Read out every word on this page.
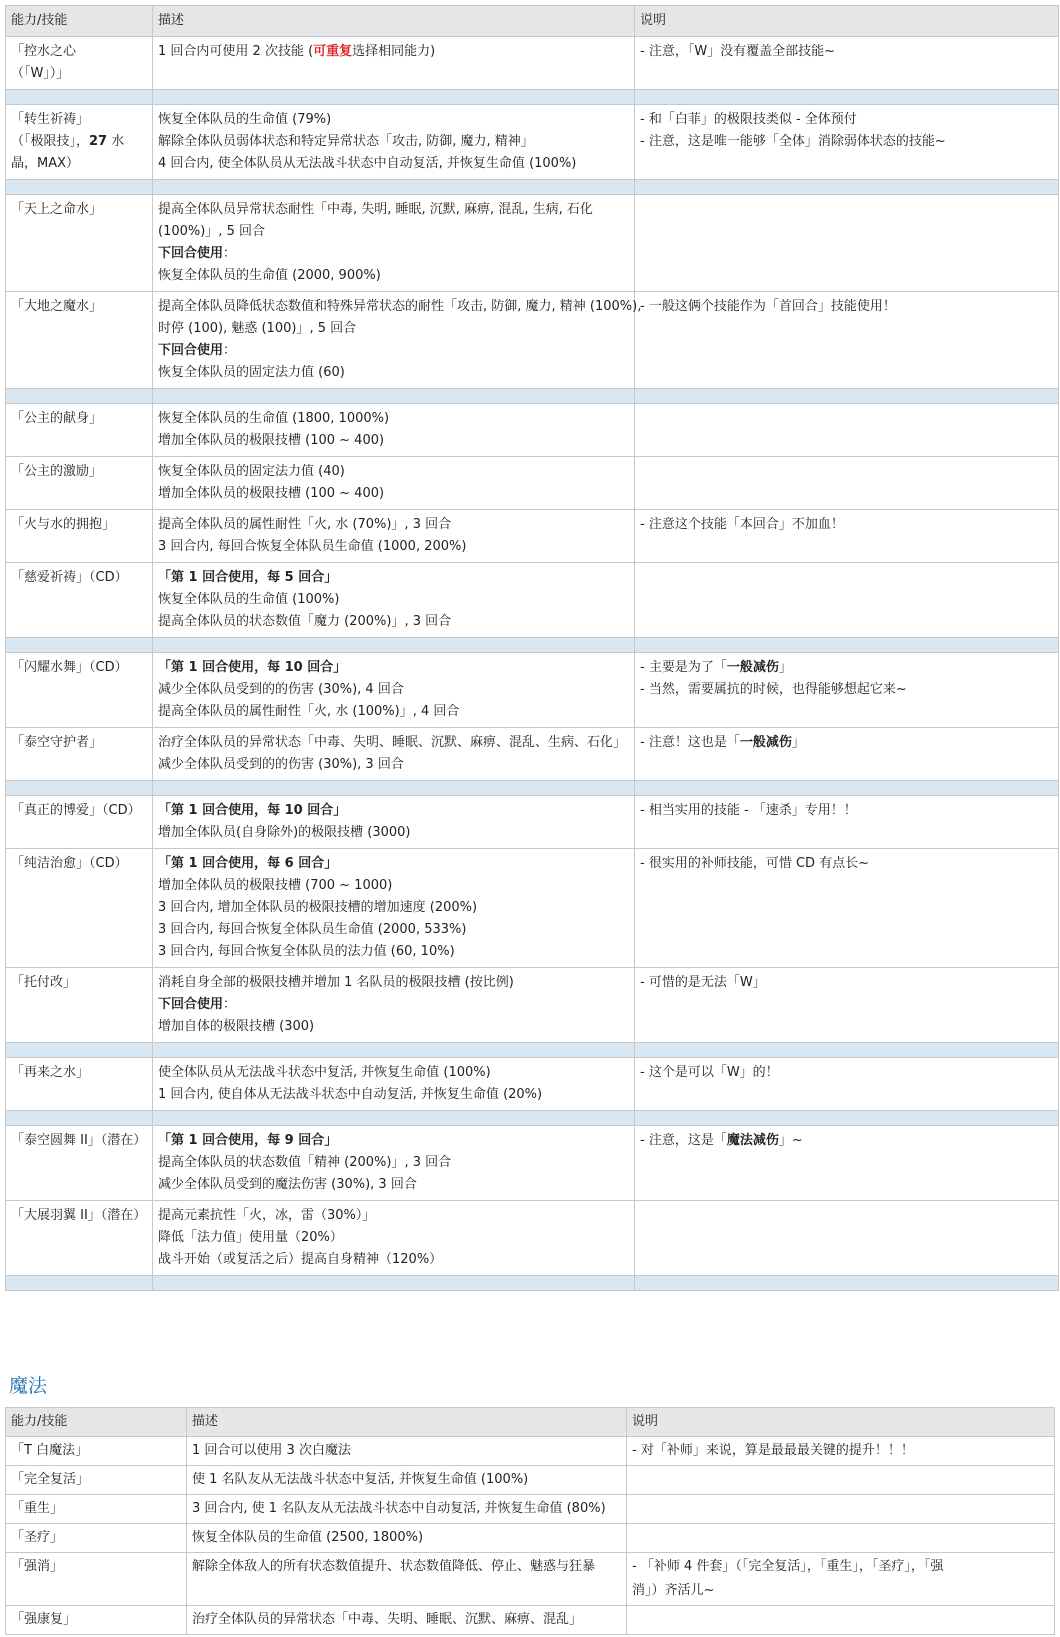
能力/技能	描述	说明

「控水之心
（「W」）」	1 回合内可使用 2 次技能 (可重复选择相同能力)	- 注意，「W」没有覆盖全部技能~

「转生祈祷」
（「极限技」，27 水
晶，MAX）	恢复全体队员的生命值 (79%)
解除全体队员弱体状态和特定异常状态「攻击, 防御, 魔力, 精神」
4 回合内, 使全体队员从无法战斗状态中自动复活, 并恢复生命值 (100%)	- 和「白菲」的极限技类似 - 全体预付
- 注意，这是唯一能够「全体」消除弱体状态的技能~

「天上之命水」	提高全体队员异常状态耐性「中毒, 失明, 睡眠, 沉默, 麻痹, 混乱, 生病, 石化
(100%)」, 5 回合
下回合使用：
恢复全体队员的生命值 (2000, 900%)	

「大地之魔水」	提高全体队员降低状态数值和特殊异常状态的耐性「攻击, 防御, 魔力, 精神 (100%),
时停 (100), 魅惑 (100)」, 5 回合
下回合使用：
恢复全体队员的固定法力值 (60)	- 一般这俩个技能作为「首回合」技能使用！

「公主的献身」	恢复全体队员的生命值 (1800, 1000%)
增加全体队员的极限技槽 (100 ~ 400)	

「公主的激励」	恢复全体队员的固定法力值 (40)
增加全体队员的极限技槽 (100 ~ 400)	

「火与水的拥抱」	提高全体队员的属性耐性「火, 水 (70%)」, 3 回合
3 回合内, 每回合恢复全体队员生命值 (1000, 200%)	- 注意这个技能「本回合」不加血！

「慈爱祈祷」（CD）	「第 1 回合使用，每 5 回合」
恢复全体队员的生命值 (100%)
提高全体队员的状态数值「魔力 (200%)」, 3 回合	

「闪耀水舞」（CD）	「第 1 回合使用，每 10 回合」
减少全体队员受到的的伤害 (30%), 4 回合
提高全体队员的属性耐性「火, 水 (100%)」, 4 回合	- 主要是为了「一般减伤」
- 当然，需要属抗的时候，也得能够想起它来~

「泰空守护者」	治疗全体队员的异常状态「中毒、失明、睡眠、沉默、麻痹、混乱、生病、石化」
减少全体队员受到的的伤害 (30%), 3 回合	- 注意！这也是「一般减伤」

「真正的博爱」（CD）	「第 1 回合使用，每 10 回合」
增加全体队员(自身除外)的极限技槽 (3000)	- 相当实用的技能 - 「速杀」专用！！

「纯洁治愈」（CD）	「第 1 回合使用，每 6 回合」
增加全体队员的极限技槽 (700 ~ 1000)
3 回合内, 增加全体队员的极限技槽的增加速度 (200%)
3 回合内, 每回合恢复全体队员生命值 (2000, 533%)
3 回合内, 每回合恢复全体队员的法力值 (60, 10%)	- 很实用的补师技能，可惜 CD 有点长~

「托付改」	消耗自身全部的极限技槽并增加 1 名队员的极限技槽 (按比例)
下回合使用：
增加自体的极限技槽 (300)	- 可惜的是无法「W」

「再来之水」	使全体队员从无法战斗状态中复活, 并恢复生命值 (100%)
1 回合内, 使自体从无法战斗状态中自动复活, 并恢复生命值 (20%)	- 这个是可以「W」的！

「泰空圆舞 II」（潜在）	「第 1 回合使用，每 9 回合」
提高全体队员的状态数值「精神 (200%)」, 3 回合
减少全体队员受到的魔法伤害 (30%), 3 回合	- 注意，这是「魔法减伤」~

「大展羽翼 II」（潜在）	提高元素抗性「火，冰，雷（30%）」
降低「法力值」使用量（20%）
战斗开始（或复活之后）提高自身精神（120%）	

魔法
能力/技能	描述	说明

「T 白魔法」	1 回合可以使用 3 次白魔法	- 对「补师」来说，算是最最最关键的提升！！！

「完全复活」	使 1 名队友从无法战斗状态中复活, 并恢复生命值 (100%)	

「重生」	3 回合内, 使 1 名队友从无法战斗状态中自动复活, 并恢复生命值 (80%)	

「圣疗」	恢复全体队员的生命值 (2500, 1800%)	

「强消」	解除全体敌人的所有状态数值提升、状态数值降低、停止、魅惑与狂暴	- 「补师 4 件套」（「完全复活」，「重生」，「圣疗」，「强
消」）齐活儿~

「强康复」	治疗全体队员的异常状态「中毒、失明、睡眠、沉默、麻痹、混乱」	
